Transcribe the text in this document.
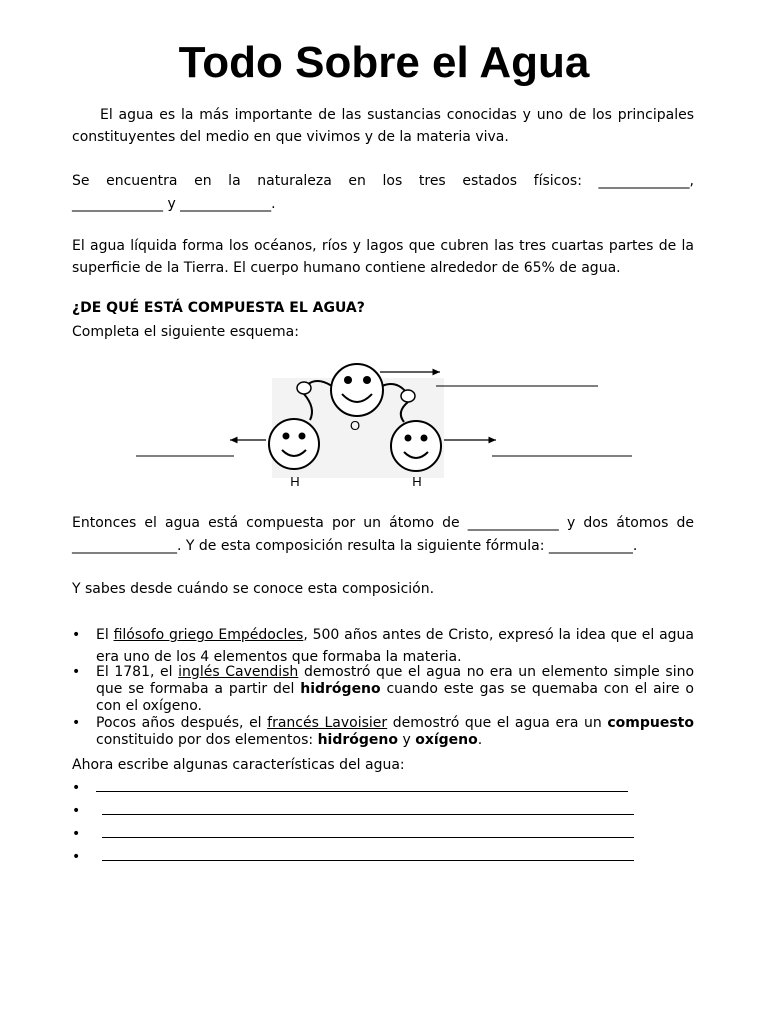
Todo Sobre el Agua
El agua es la más importante de las sustancias conocidas y uno de los principales constituyentes del medio en que vivimos y de la materia viva.
Se encuentra en la naturaleza en los tres estados físicos: _____________,
_____________ y _____________.
El agua líquida forma los océanos, ríos y lagos que cubren las tres cuartas partes de la superficie de la Tierra. El cuerpo humano contiene alrededor de 65% de agua.
¿DE QUÉ ESTÁ COMPUESTA EL AGUA?
Completa el siguiente esquema:
O
H	H
Entonces el agua está compuesta por un átomo de _____________ y dos átomos de
_______________. Y de esta composición resulta la siguiente fórmula: ____________.
Y sabes desde cuándo se conoce esta composición.
• El filósofo griego Empédocles, 500 años antes de Cristo, expresó la idea que el agua era uno de los 4 elementos que formaba la materia.
• El 1781, el inglés Cavendish demostró que el agua no era un elemento simple sino que se formaba a partir del hidrógeno cuando este gas se quemaba con el aire o con el oxígeno.
• Pocos años después, el francés Lavoisier demostró que el agua era un compuesto constituido por dos elementos: hidrógeno y oxígeno.
Ahora escribe algunas características del agua:
•
•
•
•
